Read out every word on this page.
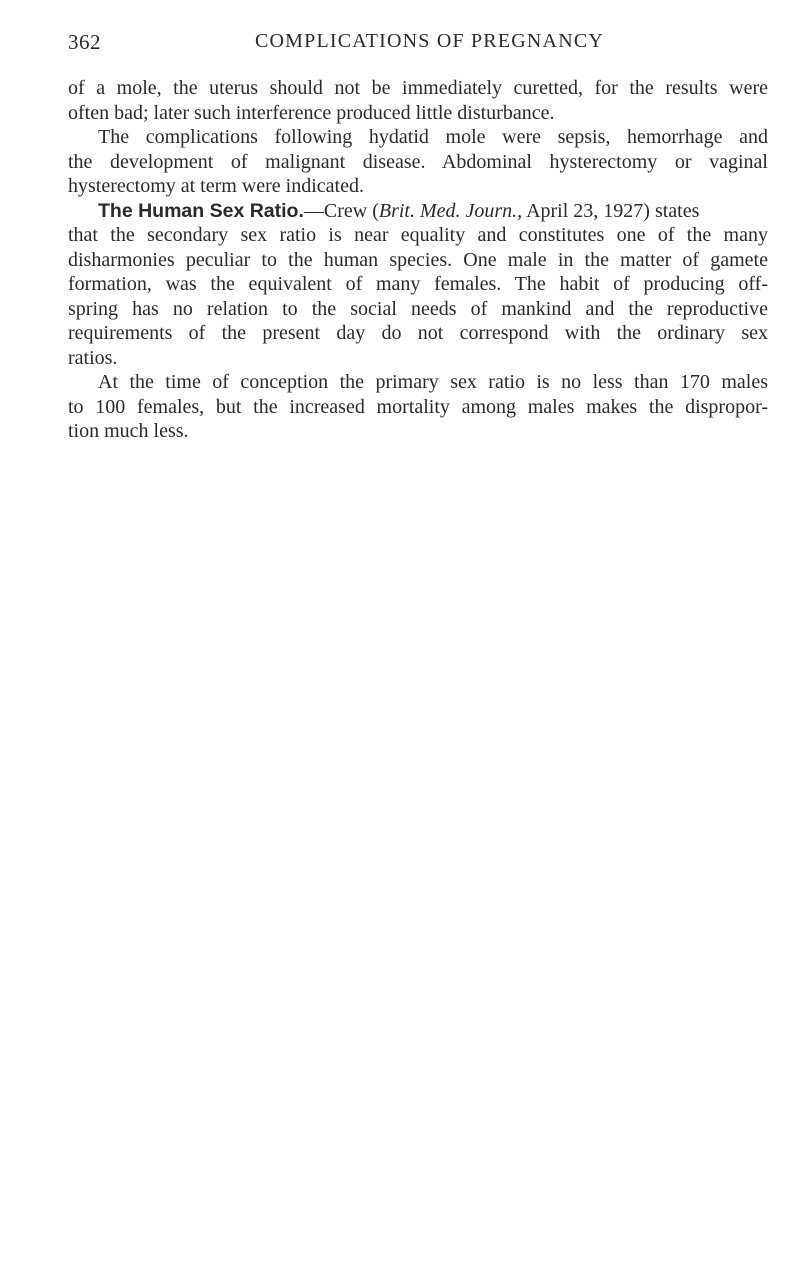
362	COMPLICATIONS OF PREGNANCY
of a mole, the uterus should not be immediately curetted, for the results were
often bad; later such interference produced little disturbance.
The complications following hydatid mole were sepsis, hemorrhage and
the development of malignant disease. Abdominal hysterectomy or vaginal
hysterectomy at term were indicated.
The Human Sex Ratio.—Crew (Brit. Med. Journ., April 23, 1927) states
that the secondary sex ratio is near equality and constitutes one of the many
disharmonies peculiar to the human species. One male in the matter of gamete
formation, was the equivalent of many females. The habit of producing off-
spring has no relation to the social needs of mankind and the reproductive
requirements of the present day do not correspond with the ordinary sex
ratios.
At the time of conception the primary sex ratio is no less than 170 males
to 100 females, but the increased mortality among males makes the dispropor-
tion much less.
